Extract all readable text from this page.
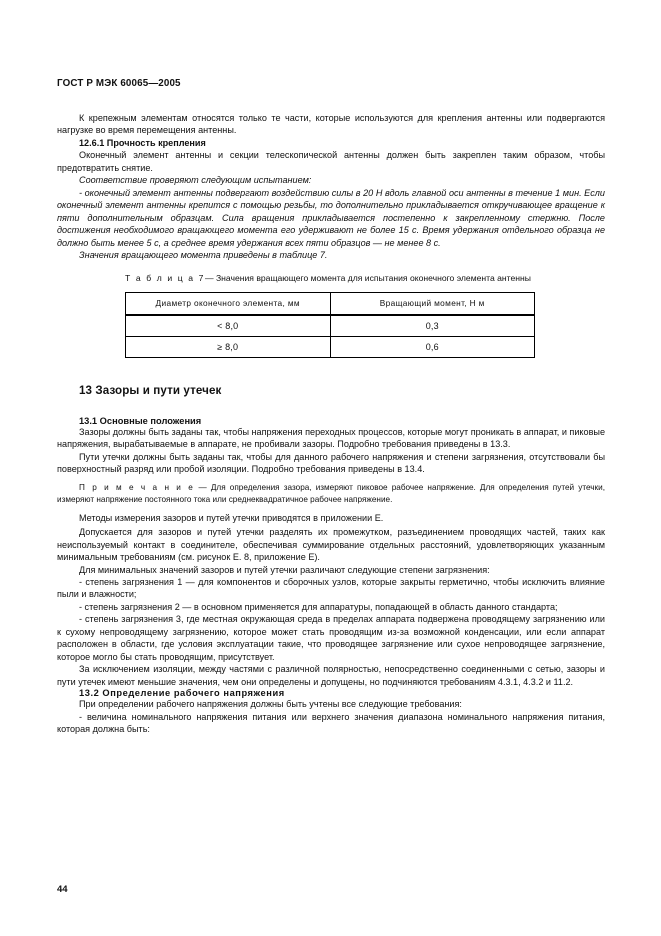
ГОСТ Р МЭК 60065—2005

К крепежным элементам относятся только те части, которые используются для крепления антенны или подвергаются нагрузке во время перемещения антенны.

12.6.1 Прочность крепления

Оконечный элемент антенны и секции телескопической антенны должен быть закреплен таким образом, чтобы предотвратить снятие.

Соответствие проверяют следующим испытанием:

- оконечный элемент антенны подвергают воздействию силы в 20 Н вдоль главной оси антенны в течение 1 мин. Если оконечный элемент антенны крепится с помощью резьбы, то дополнительно прикладывается откручивающее вращение к пяти дополнительным образцам. Сила вращения прикладывается постепенно к закрепленному стержню. После достижения необходимого вращающего момента его удерживают не более 15 с. Время удержания отдельного образца не должно быть менее 5 с, а среднее время удержания всех пяти образцов — не менее 8 с.

Значения вращающего момента приведены в таблице 7.

Т а б л и ц а 7— Значения вращающего момента для испытания оконечного элемента антенны
Диаметр оконечного элемента, мм	Вращающий момент, Н м
< 8,0	0,3
≥ 8,0	0,6
13 Зазоры и пути утечек
13.1 Основные положения

Зазоры должны быть заданы так, чтобы напряжения переходных процессов, которые могут проникать в аппарат, и пиковые напряжения, вырабатываемые в аппарате, не пробивали зазоры. Подробно требования приведены в 13.3.

Пути утечки должны быть заданы так, чтобы для данного рабочего напряжения и степени загрязнения, отсутствовали бы поверхностный разряд или пробой изоляции. Подробно требования приведены в 13.4.

П р и м е ч а н и е — Для определения зазора, измеряют пиковое рабочее напряжение. Для определения путей утечки, измеряют напряжение постоянного тока или среднеквадратичное рабочее напряжение.

Методы измерения зазоров и путей утечки приводятся в приложении Е.

Допускается для зазоров и путей утечки разделять их промежутком, разъединением проводящих частей, таких как неиспользуемый контакт в соединителе, обеспечивая суммирование отдельных расстояний, удовлетворяющих указанным минимальным требованиям (см. рисунок Е. 8, приложение Е).

Для минимальных значений зазоров и путей утечки различают следующие степени загрязнения:

- степень загрязнения 1 — для компонентов и сборочных узлов, которые закрыты герметично, чтобы исключить влияние пыли и влажности;

- степень загрязнения 2 — в основном применяется для аппаратуры, попадающей в область данного стандарта;

- степень загрязнения 3, где местная окружающая среда в пределах аппарата подвержена проводящему загрязнению или к сухому непроводящему загрязнению, которое может стать проводящим из-за возможной конденсации, или если аппарат расположен в области, где условия эксплуатации такие, что проводящее загрязнение или сухое непроводящее загрязнение, которое могло бы стать проводящим, присутствует.

За исключением изоляции, между частями с различной полярностью, непосредственно соединенными с сетью, зазоры и пути утечек имеют меньшие значения, чем они определены и допущены, но подчиняются требованиям 4.3.1, 4.3.2 и 11.2.

13.2 Определение рабочего напряжения

При определении рабочего напряжения должны быть учтены все следующие требования:

- величина номинального напряжения питания или верхнего значения диапазона номинального напряжения питания, которая должна быть:

44
